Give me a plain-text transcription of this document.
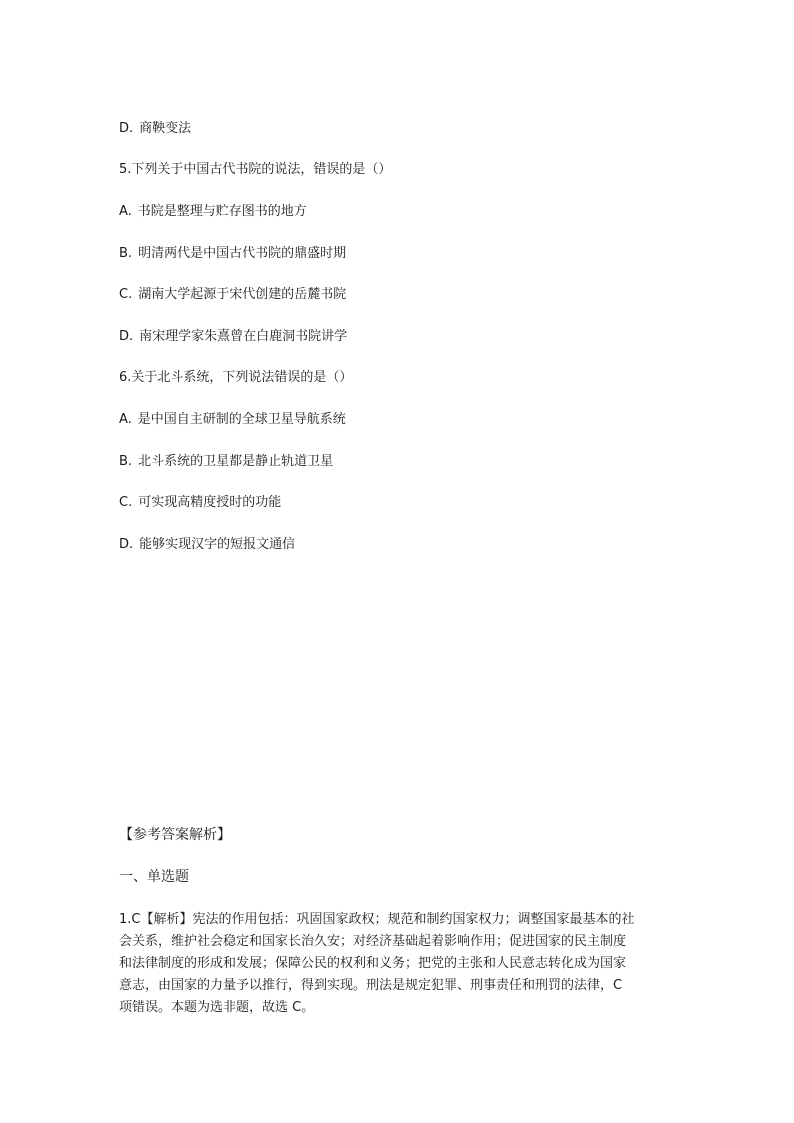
D. 商鞅变法
5.下列关于中国古代书院的说法，错误的是（）
A. 书院是整理与贮存图书的地方
B. 明清两代是中国古代书院的鼎盛时期
C. 湖南大学起源于宋代创建的岳麓书院
D. 南宋理学家朱熹曾在白鹿洞书院讲学
6.关于北斗系统，下列说法错误的是（）
A. 是中国自主研制的全球卫星导航系统
B. 北斗系统的卫星都是静止轨道卫星
C. 可实现高精度授时的功能
D. 能够实现汉字的短报文通信
【参考答案解析】
一、单选题

1.C【解析】宪法的作用包括：巩固国家政权；规范和制约国家权力；调整国家最基本的社

会关系，维护社会稳定和国家长治久安；对经济基础起着影响作用；促进国家的民主制度

和法律制度的形成和发展；保障公民的权利和义务；把党的主张和人民意志转化成为国家

意志，由国家的力量予以推行，得到实现。刑法是规定犯罪、刑事责任和刑罚的法律，C

项错误。本题为选非题，故选 C。
